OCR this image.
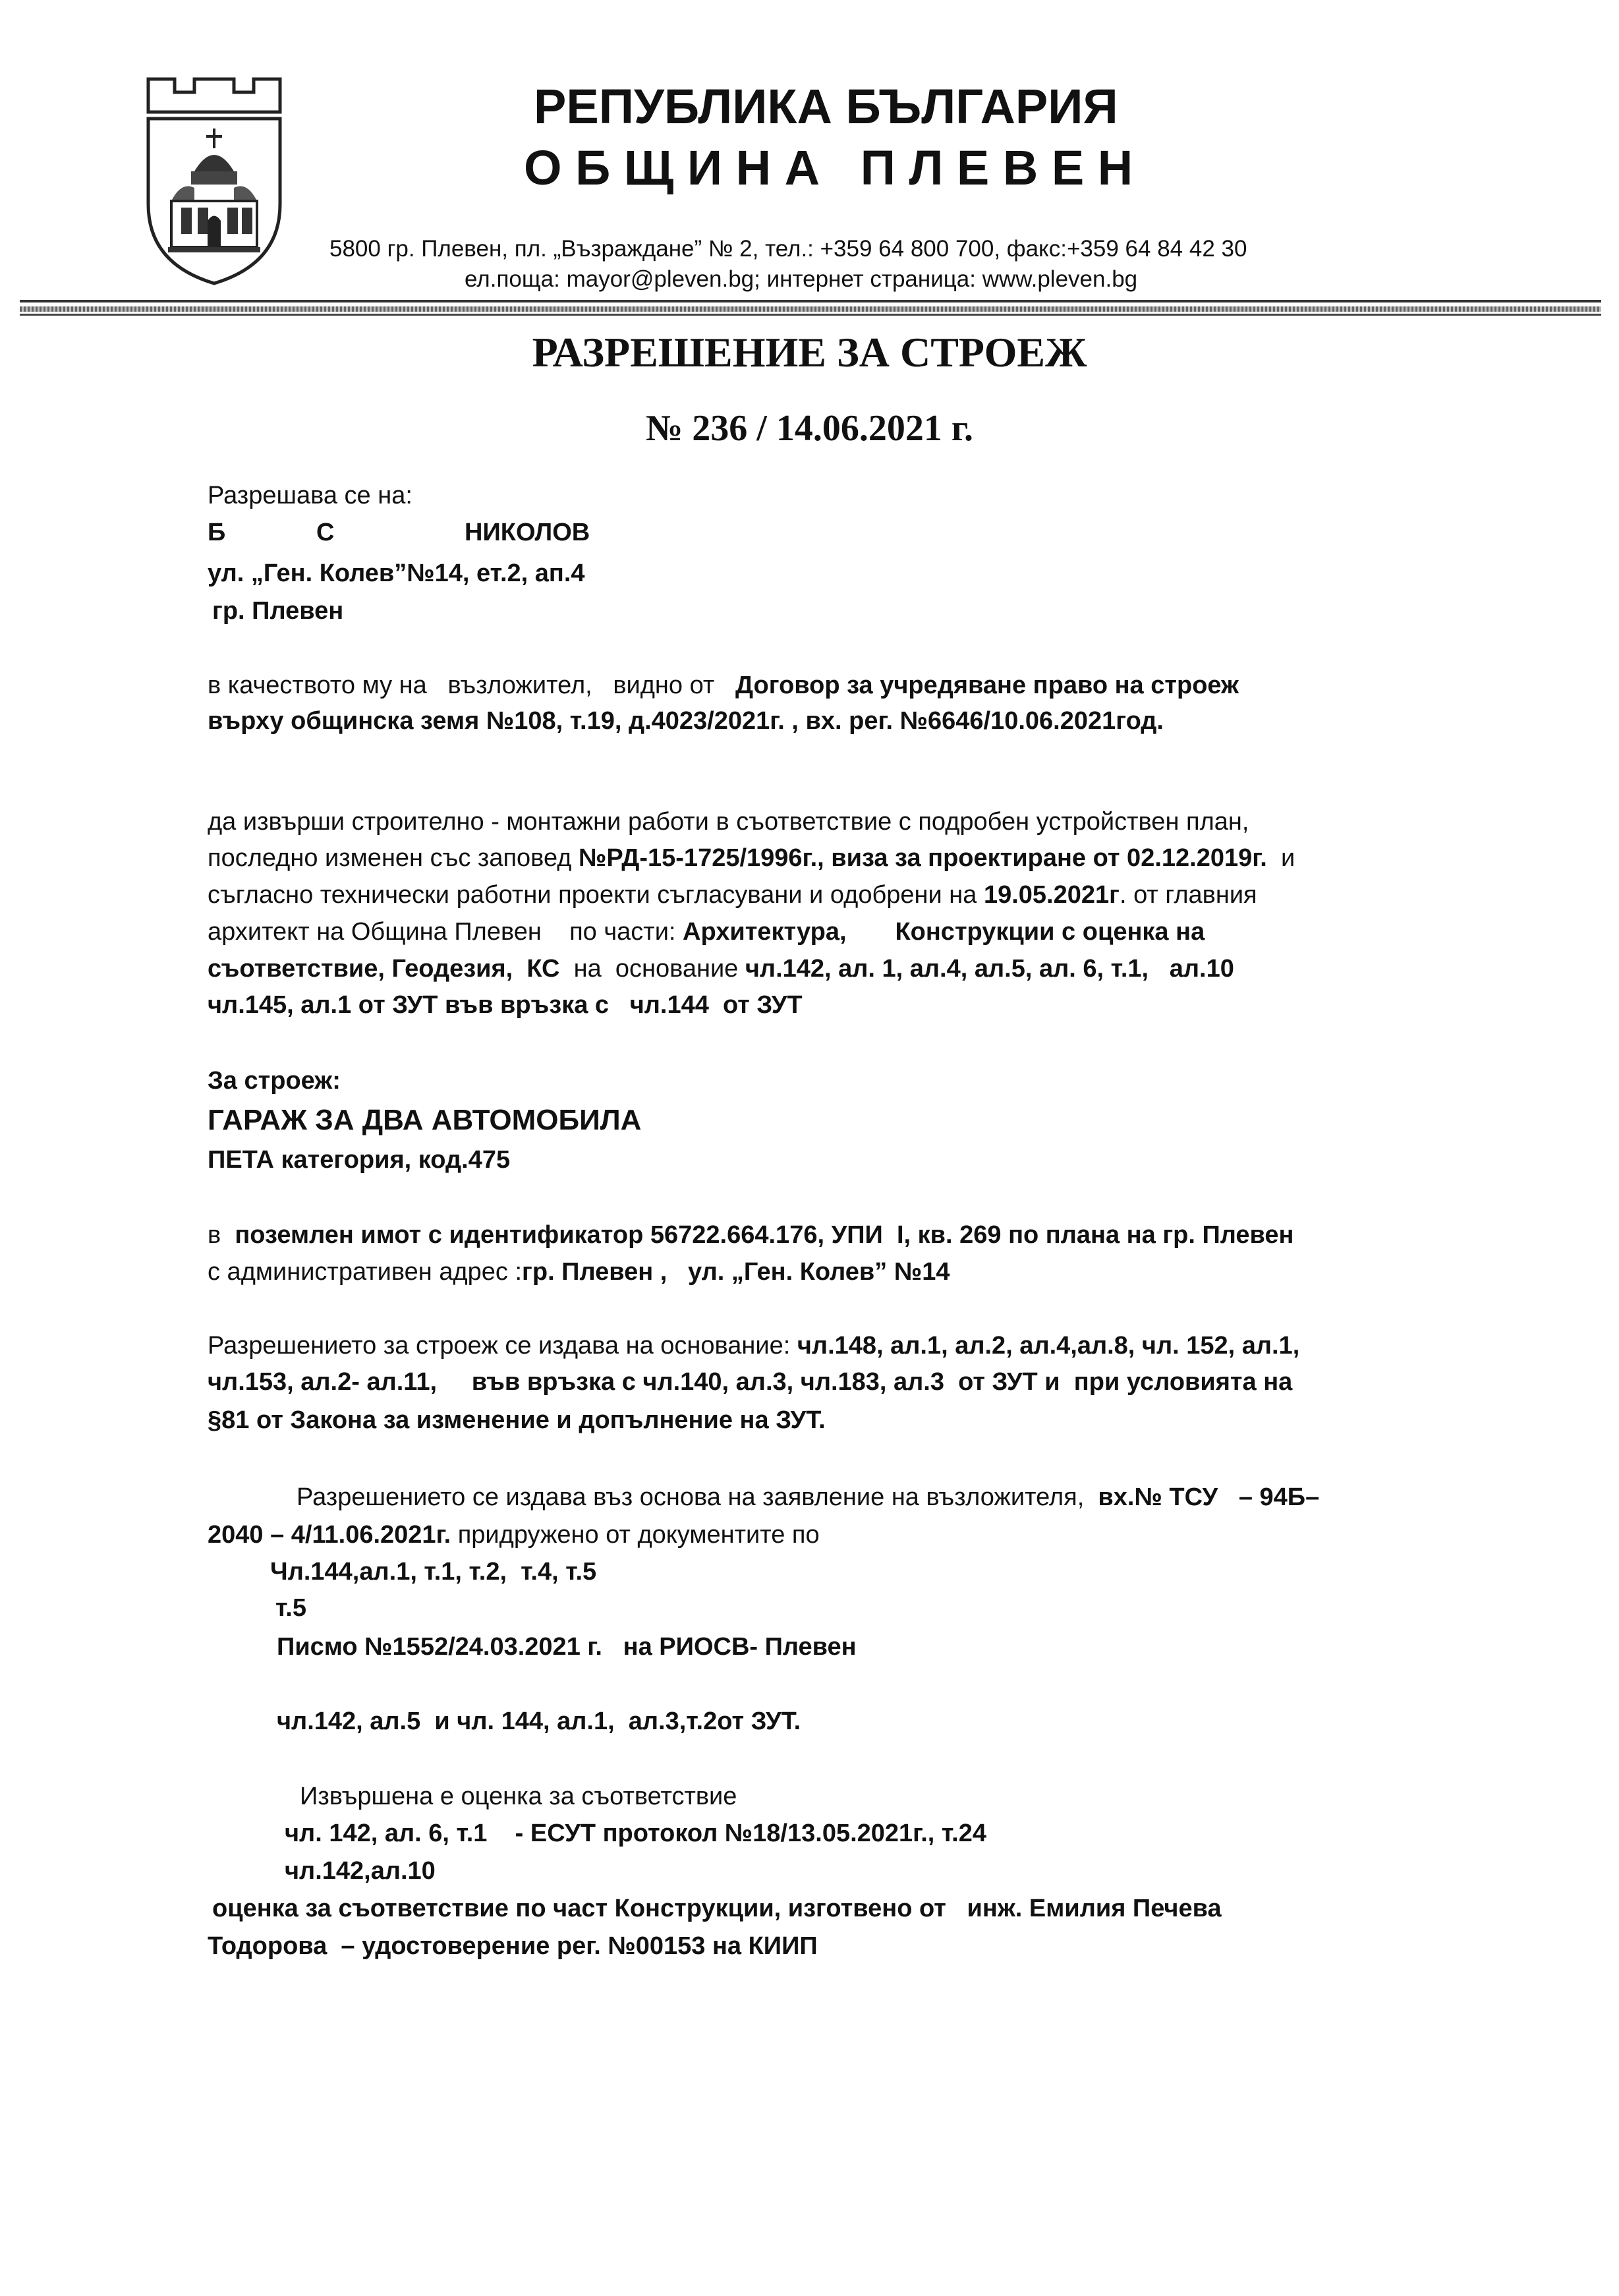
РЕПУБЛИКА БЪЛГАРИЯ
О Б Щ И Н А   П Л Е В Е Н
5800 гр. Плевен, пл. „Възраждане” № 2, тел.: +359 64 800 700, факс:+359 64 84 42 30
ел.поща: mayor@pleven.bg; интернет страница: www.pleven.bg
РАЗРЕШЕНИЕ ЗА СТРОЕЖ
№ 236 / 14.06.2021 г.
Разрешава се на:
Б	С	НИКОЛОВ
ул. „Ген. Колев”№14, ет.2, ап.4
гр. Плевен
в качеството му на   възложител,   видно от   Договор за учредяване право на строеж
върху общинска земя №108, т.19, д.4023/2021г. , вх. рег. №6646/10.06.2021год.
да извърши строително - монтажни работи в съответствие с подробен устройствен план,
последно изменен със заповед №РД-15-1725/1996г., виза за проектиране от 02.12.2019г.  и
съгласно технически работни проекти съгласувани и одобрени на 19.05.2021г. от главния
архитект на Община Плевен    по части: Архитектура,       Конструкции с оценка на
съответствие, Геодезия,  КС  на  основание чл.142, ал. 1, ал.4, ал.5, ал. 6, т.1,   ал.10
чл.145, ал.1 от ЗУТ във връзка с   чл.144  от ЗУТ
За строеж:
ГАРАЖ ЗА ДВА АВТОМОБИЛА
ПЕТА категория, код.475
в  поземлен имот с идентификатор 56722.664.176, УПИ  I, кв. 269 по плана на гр. Плевен
с административен адрес :гр. Плевен ,   ул. „Ген. Колев” №14
Разрешението за строеж се издава на основание: чл.148, ал.1, ал.2, ал.4,ал.8, чл. 152, ал.1,
чл.153, ал.2- ал.11,     във връзка с чл.140, ал.3, чл.183, ал.3  от ЗУТ и  при условията на
§81 от Закона за изменение и допълнение на ЗУТ.
Разрешението се издава въз основа на заявление на възложителя,  вх.№ ТСУ   – 94Б–
2040 – 4/11.06.2021г. придружено от документите по
Чл.144,ал.1, т.1, т.2,  т.4, т.5
т.5
Писмо №1552/24.03.2021 г.   на РИОСВ- Плевен
чл.142, ал.5  и чл. 144, ал.1,  ал.3,т.2от ЗУТ.
Извършена е оценка за съответствие
чл. 142, ал. 6, т.1    - ЕСУТ протокол №18/13.05.2021г., т.24
чл.142,ал.10
оценка за съответствие по част Конструкции, изготвено от   инж. Емилия Печева
Тодорова  – удостоверение рег. №00153 на КИИП
